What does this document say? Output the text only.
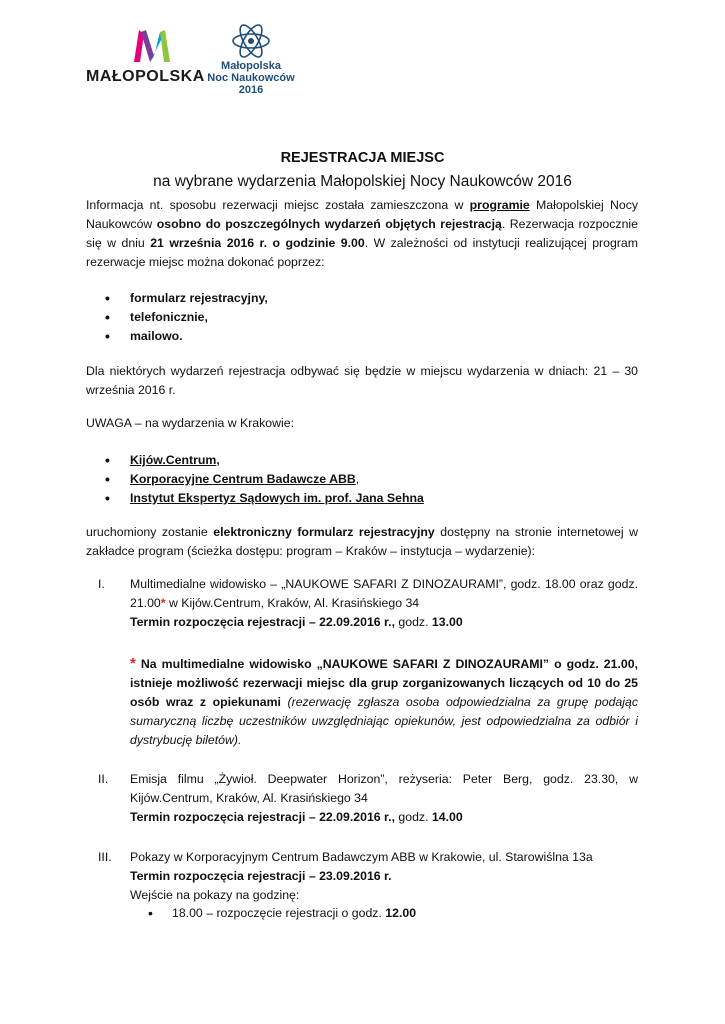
MAŁOPOLSKA
Małopolska
Noc Naukowców
2016
REJESTRACJA MIEJSC
na wybrane wydarzenia Małopolskiej Nocy Naukowców 2016
Informacja nt. sposobu rezerwacji miejsc została zamieszczona w programie Małopolskiej Nocy Naukowców osobno do poszczególnych wydarzeń objętych rejestracją. Rezerwacja rozpocznie się w dniu 21 września 2016 r. o godzinie 9.00. W zależności od instytucji realizującej program rezerwacje miejsc można dokonać poprzez:
• formularz rejestracyjny,
• telefonicznie,
• mailowo.
Dla niektórych wydarzeń rejestracja odbywać się będzie w miejscu wydarzenia w dniach: 21 – 30 września 2016 r.
UWAGA – na wydarzenia w Krakowie:
• Kijów.Centrum,
• Korporacyjne Centrum Badawcze ABB,
• Instytut Ekspertyz Sądowych im. prof. Jana Sehna
uruchomiony zostanie elektroniczny formularz rejestracyjny dostępny na stronie internetowej w zakładce program (ścieżka dostępu: program – Kraków – instytucja – wydarzenie):
I.	Multimedialne widowisko – „NAUKOWE SAFARI Z DINOZAURAMI”, godz. 18.00 oraz godz. 21.00* w Kijów.Centrum, Kraków, Al. Krasińskiego 34
Termin rozpoczęcia rejestracji – 22.09.2016 r., godz. 13.00
* Na multimedialne widowisko „NAUKOWE SAFARI Z DINOZAURAMI” o godz. 21.00, istnieje możliwość rezerwacji miejsc dla grup zorganizowanych liczących od 10 do 25 osób wraz z opiekunami (rezerwację zgłasza osoba odpowiedzialna za grupę podając sumaryczną liczbę uczestników uwzględniając opiekunów, jest odpowiedzialna za odbiór i dystrybucję biletów).
II.	Emisja filmu „Żywioł. Deepwater Horizon”, reżyseria: Peter Berg, godz. 23.30, w Kijów.Centrum, Kraków, Al. Krasińskiego 34
Termin rozpoczęcia rejestracji – 22.09.2016 r., godz. 14.00
III.	Pokazy w Korporacyjnym Centrum Badawczym ABB w Krakowie, ul. Starowiślna 13a
Termin rozpoczęcia rejestracji – 23.09.2016 r.
Wejście na pokazy na godzinę:
• 18.00 – rozpoczęcie rejestracji o godz. 12.00
